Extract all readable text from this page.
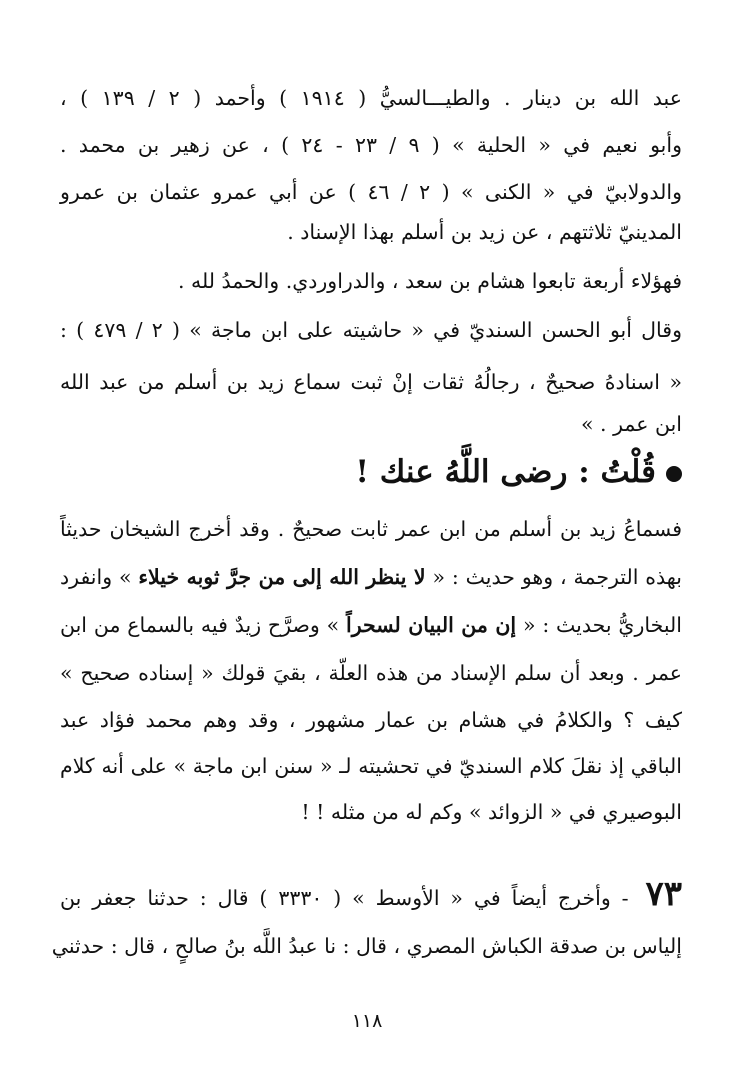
عبد الله بن دينار . والطيـــالسيُّ ( ١٩١٤ ) وأحمد ( ٢ / ١٣٩ ) ،
وأبو نعيم في « الحلية » ( ٩ / ٢٣ - ٢٤ ) ، عن زهير بن محمد .
والدولابيّ في « الكنى » ( ٢ / ٤٦ ) عن أبي عمرو عثمان بن عمرو
المدينيّ ثلاثتهم ، عن زيد بن أسلم بهذا الإسناد .
فهؤلاء أربعة تابعوا هشام بن سعد ، والدراوردي. والحمدُ لله .
وقال أبو الحسن السنديّ في « حاشيته على ابن ماجة » ( ٢ / ٤٧٩ ) :
« اسنادهُ صحيحٌ ، رجالُهُ ثقات إنْ ثبت سماع زيد بن أسلم من عبد الله
ابن عمر . »
قُلْتُ : رضى اللَّهُ عنك !
فسماعُ زيد بن أسلم من ابن عمر ثابت صحيحٌ . وقد أخرج الشيخان حديثاً
بهذه الترجمة ، وهو حديث : « لا ينظر الله إلى من جرَّ ثوبه خيلاء » وانفرد
البخاريُّ بحديث : « إن من البيان لسحراً » وصرَّح زيدٌ فيه بالسماع من ابن
عمر . وبعد أن سلم الإسناد من هذه العلّة ، بقيَ قولك « إسناده صحيح »
كيف ؟ والكلامُ في هشام بن عمار مشهور ، وقد وهم محمد فؤاد عبد
الباقي إذ نقلَ كلام السنديّ في تحشيته لـ « سنن ابن ماجة » على أنه كلام
البوصيري في « الزوائد » وكم له من مثله ! !
٧٣ - وأخرج أيضاً في « الأوسط » ( ٣٣٣٠ ) قال : حدثنا جعفر بن
إلياس بن صدقة الكباش المصري ، قال : نا عبدُ اللَّه بنُ صالحٍ ، قال : حدثني
١١٨
